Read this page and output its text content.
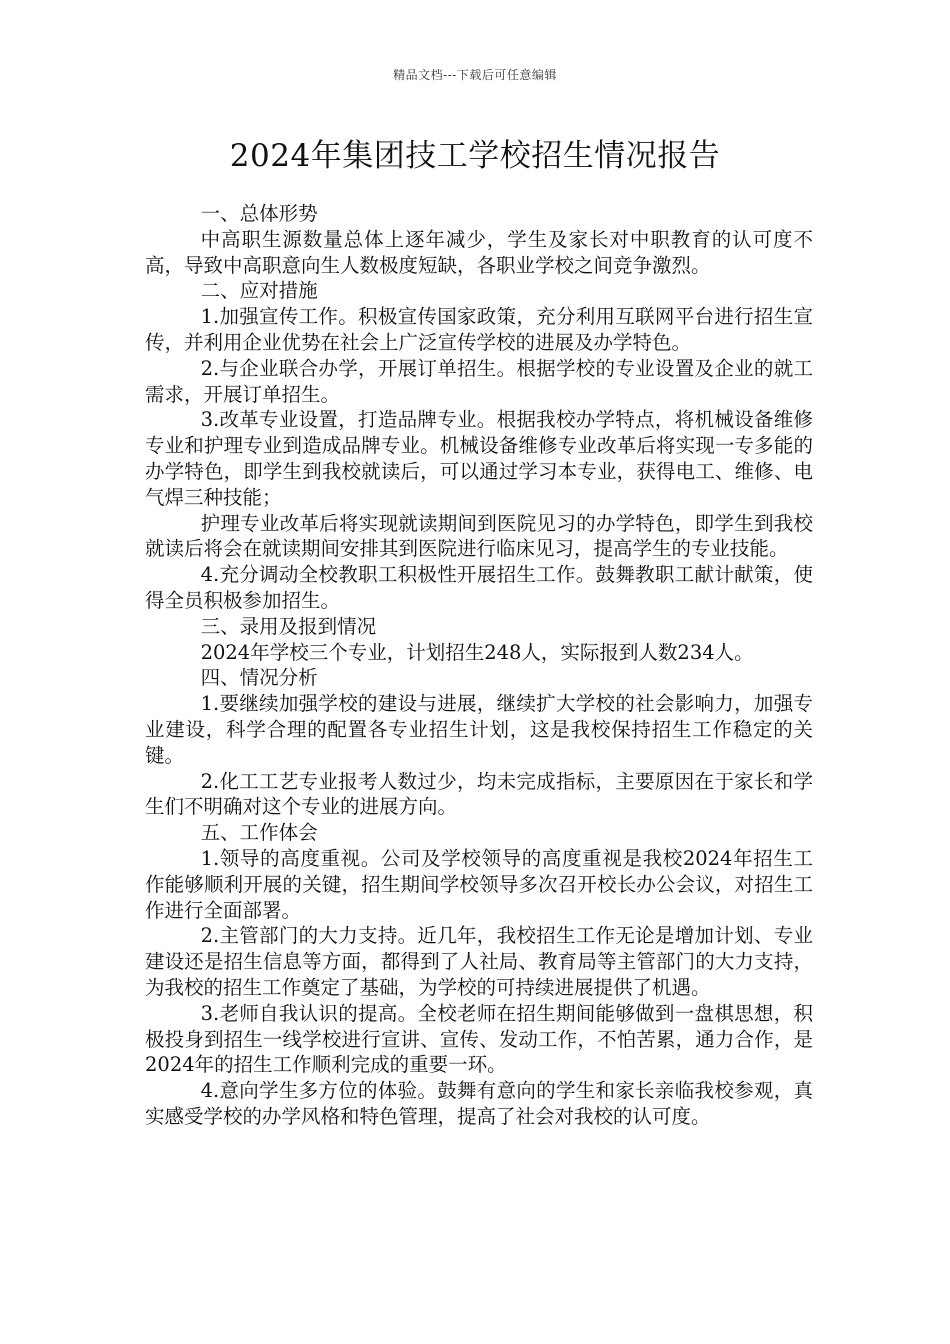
精品文档---下载后可任意编辑
2024年集团技工学校招生情况报告

一、总体形势

中高职生源数量总体上逐年减少，学生及家长对中职教育的认可度不高，导致中高职意向生人数极度短缺，各职业学校之间竞争激烈。

二、应对措施

1.加强宣传工作。积极宣传国家政策，充分利用互联网平台进行招生宣传，并利用企业优势在社会上广泛宣传学校的进展及办学特色。

2.与企业联合办学，开展订单招生。根据学校的专业设置及企业的就工需求，开展订单招生。

3.改革专业设置，打造品牌专业。根据我校办学特点，将机械设备维修专业和护理专业到造成品牌专业。机械设备维修专业改革后将实现一专多能的办学特色，即学生到我校就读后，可以通过学习本专业，获得电工、维修、电气焊三种技能；

护理专业改革后将实现就读期间到医院见习的办学特色，即学生到我校就读后将会在就读期间安排其到医院进行临床见习，提高学生的专业技能。

4.充分调动全校教职工积极性开展招生工作。鼓舞教职工献计献策，使得全员积极参加招生。

三、录用及报到情况

2024年学校三个专业，计划招生248人，实际报到人数234人。

四、情况分析

1.要继续加强学校的建设与进展，继续扩大学校的社会影响力，加强专业建设，科学合理的配置各专业招生计划，这是我校保持招生工作稳定的关键。

2.化工工艺专业报考人数过少，均未完成指标，主要原因在于家长和学生们不明确对这个专业的进展方向。

五、工作体会

1.领导的高度重视。公司及学校领导的高度重视是我校2024年招生工作能够顺利开展的关键，招生期间学校领导多次召开校长办公会议，对招生工作进行全面部署。

2.主管部门的大力支持。近几年，我校招生工作无论是增加计划、专业建设还是招生信息等方面，都得到了人社局、教育局等主管部门的大力支持，为我校的招生工作奠定了基础，为学校的可持续进展提供了机遇。

3.老师自我认识的提高。全校老师在招生期间能够做到一盘棋思想，积极投身到招生一线学校进行宣讲、宣传、发动工作，不怕苦累，通力合作，是2024年的招生工作顺利完成的重要一环。

4.意向学生多方位的体验。鼓舞有意向的学生和家长亲临我校参观，真实感受学校的办学风格和特色管理，提高了社会对我校的认可度。
